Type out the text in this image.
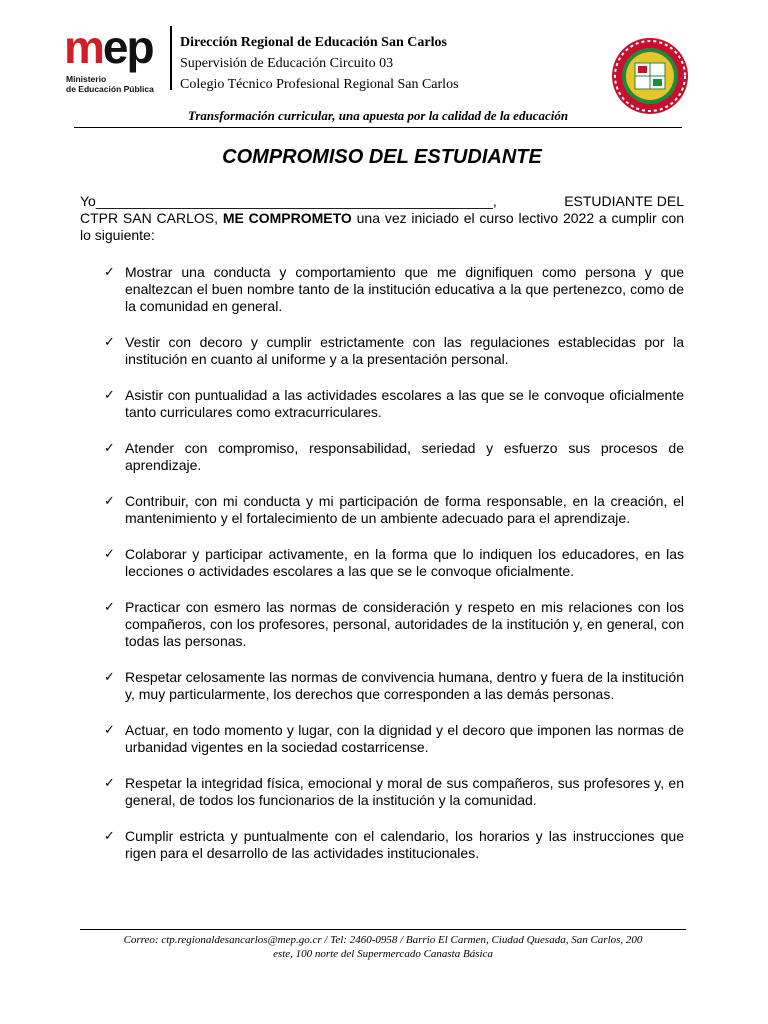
mep
Ministerio
de Educación Pública
Dirección Regional de Educación San Carlos
Supervisión de Educación Circuito 03
Colegio Técnico Profesional Regional San Carlos
Transformación curricular, una apuesta por la calidad de la educación
COMPROMISO DEL ESTUDIANTE
Yo___________________________________________________,	ESTUDIANTE DEL
CTPR SAN CARLOS, ME COMPROMETO una vez iniciado el curso lectivo 2022 a cumplir con lo siguiente:
✓ Mostrar una conducta y comportamiento que me dignifiquen como persona y que enaltezcan el buen nombre tanto de la institución educativa a la que pertenezco, como de la comunidad en general.
✓ Vestir con decoro y cumplir estrictamente con las regulaciones establecidas por la institución en cuanto al uniforme y a la presentación personal.
✓ Asistir con puntualidad a las actividades escolares a las que se le convoque oficialmente tanto curriculares como extracurriculares.
✓ Atender con compromiso, responsabilidad, seriedad y esfuerzo sus procesos de aprendizaje.
✓ Contribuir, con mi conducta y mi participación de forma responsable, en la creación, el mantenimiento y el fortalecimiento de un ambiente adecuado para el aprendizaje.
✓ Colaborar y participar activamente, en la forma que lo indiquen los educadores, en las lecciones o actividades escolares a las que se le convoque oficialmente.
✓ Practicar con esmero las normas de consideración y respeto en mis relaciones con los compañeros, con los profesores, personal, autoridades de la institución y, en general, con todas las personas.
✓ Respetar celosamente las normas de convivencia humana, dentro y fuera de la institución y, muy particularmente, los derechos que corresponden a las demás personas.
✓ Actuar, en todo momento y lugar, con la dignidad y el decoro que imponen las normas de urbanidad vigentes en la sociedad costarricense.
✓ Respetar la integridad física, emocional y moral de sus compañeros, sus profesores y, en general, de todos los funcionarios de la institución y la comunidad.
✓ Cumplir estricta y puntualmente con el calendario, los horarios y las instrucciones que rigen para el desarrollo de las actividades institucionales.
Correo: ctp.regionaldesancarlos@mep.go.cr / Tel: 2460-0958 / Barrio El Carmen, Ciudad Quesada, San Carlos, 200
este, 100 norte del Supermercado Canasta Básica
